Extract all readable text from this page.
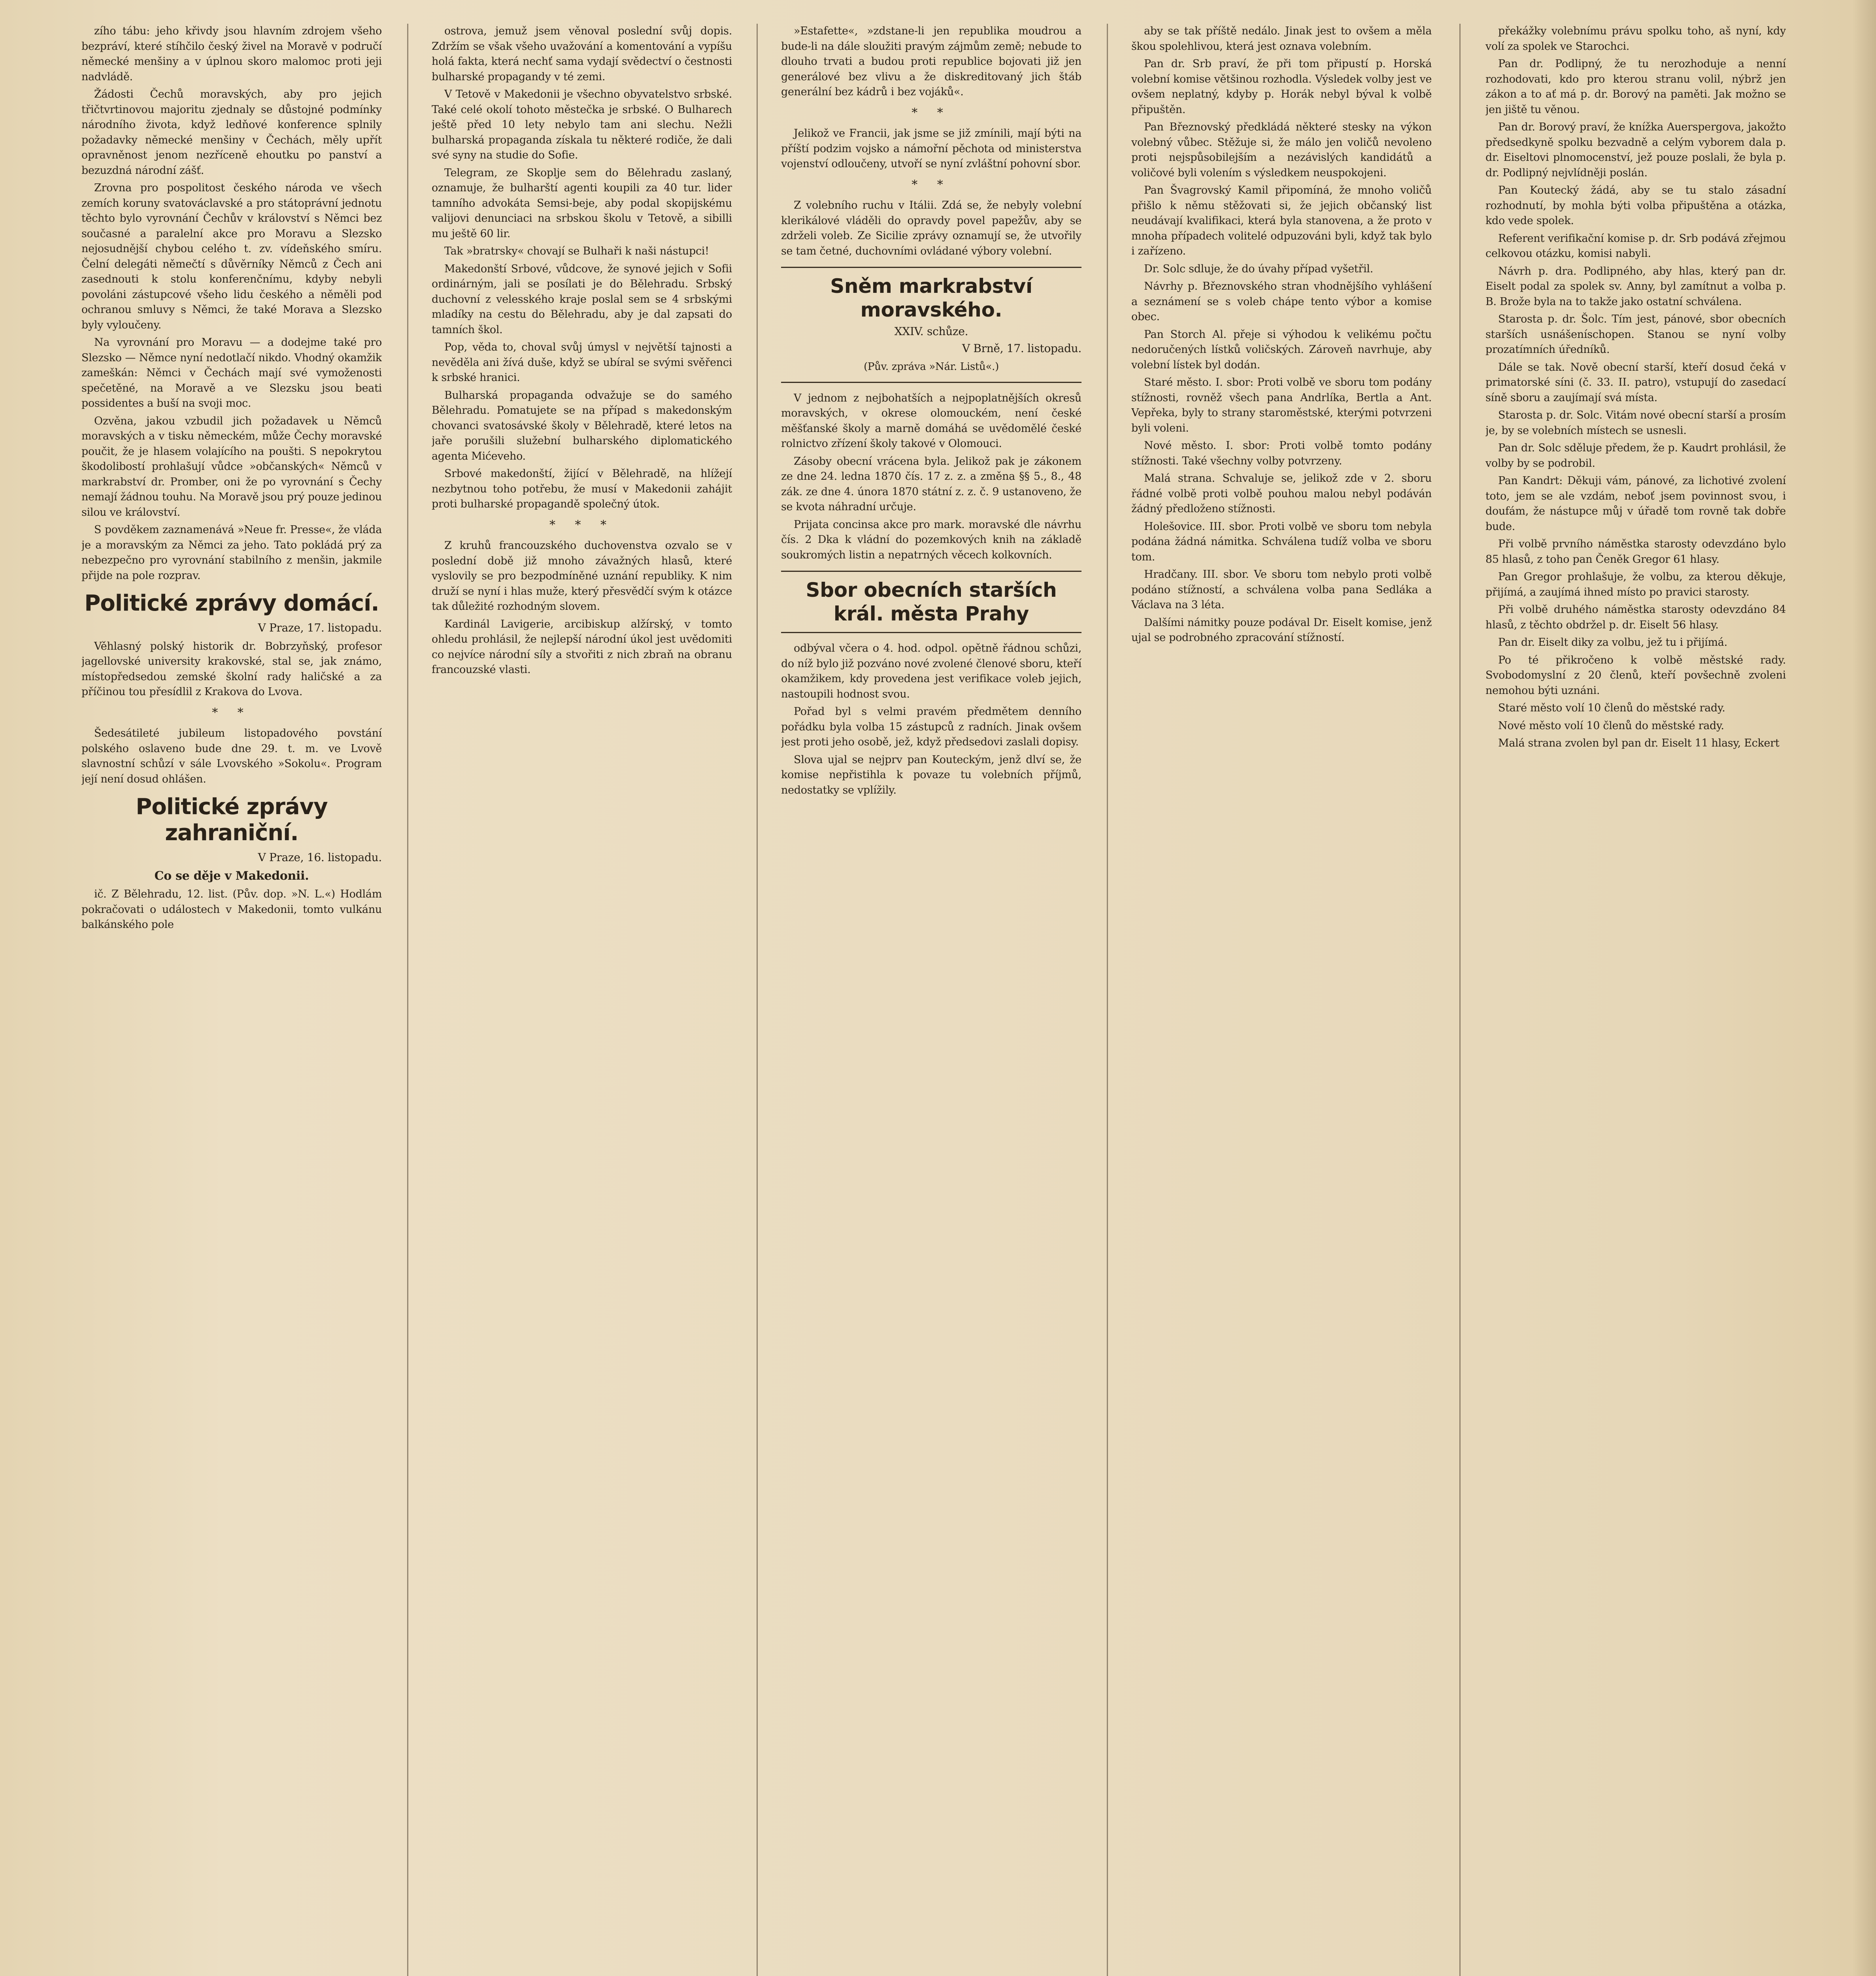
zího tábu: jeho křivdy jsou hlavním zdrojem všeho bezpráví, které stíhčilo český živel na Moravě v područí německé menšiny a v úplnou skoro malomoc proti jeji nadvládě.

Žádosti Čechů moravských, aby pro jejich třičtvrtinovou majoritu zjednaly se důstojné podmínky národního života, když ledňové konference splnily požadavky německé menšiny v Čechách, měly upřít opravněnost jenom nezříceně ehoutku po panství a bezuzdná národní zášť.

Zrovna pro pospolitost českého národa ve všech zemích koruny svatováclavské a pro státoprávní jednotu těchto bylo vyrovnání Čechův v království s Němci bez současné a paralelní akce pro Moravu a Slezsko nejosudnější chybou celého t. zv. vídeňského smíru. Čelní delegáti němečtí s důvěrníky Němců z Čech ani zasednouti k stolu konferenčnímu, kdyby nebyli povoláni zástupcové všeho lidu českého a něměli pod ochranou smluvy s Němci, že také Morava a Slezsko byly vyloučeny.

Na vyrovnání pro Moravu — a dodejme také pro Slezsko — Němce nyní nedotlačí nikdo. Vhodný okamžik zameškán: Němci v Čechách mají své vymoženosti spečetěné, na Moravě a ve Slezsku jsou beati possidentes a buší na svoji moc.

Ozvěna, jakou vzbudil jich požadavek u Němců moravských a v tisku německém, může Čechy moravské poučit, že je hlasem volajícího na poušti. S nepokrytou škodolibostí prohlašují vůdce »občanských« Němců v markrabství dr. Promber, oni že po vyrovnání s Čechy nemají žádnou touhu. Na Moravě jsou prý pouze jedinou silou ve království.

S povděkem zaznamenává »Neue fr. Presse«, že vláda je a moravským za Němci za jeho. Tato pokládá prý za nebezpečno pro vyrovnání stabilního z menšin, jakmile přijde na pole rozprav.

Politické zprávy domácí.
V Praze, 17. listopadu.

Věhlasný polský historik dr. Bobrzyňský, profesor jagellovské university krakovské, stal se, jak známo, místopředsedou zemské školní rady haličské a za příčinou tou přesídlil z Krakova do Lvova.

* *

Šedesátileté jubileum listopadového povstání polského oslaveno bude dne 29. t. m. ve Lvově slavnostní schůzí v sále Lvovského »Sokolu«. Program její není dosud ohlášen.

Politické zprávy zahraniční.
V Praze, 16. listopadu.
Co se děje v Makedonii.

ič. Z Bělehradu, 12. list. (Pův. dop. »N. L.«) Hodlám pokračovati o událostech v Makedonii, tomto vulkánu balkánského pole

ostrova, jemuž jsem věnoval poslední svůj dopis. Zdržím se však všeho uvažování a komentování a vypíšu holá fakta, která nechť sama vydají svědectví o čestnosti bulharské propagandy v té zemi.

V Tetově v Makedonii je všechno obyvatelstvo srbské. Také celé okolí tohoto městečka je srbské. O Bulharech ještě před 10 lety nebylo tam ani slechu. Nežli bulharská propaganda získala tu některé rodiče, že dali své syny na studie do Sofie.

Telegram, ze Skoplje sem do Bělehradu zaslaný, oznamuje, že bulharští agenti koupili za 40 tur. lider tamního advokáta Semsi-beje, aby podal skopijskému valijovi denunciaci na srbskou školu v Tetově, a sibilli mu ještě 60 lir.

Tak »bratrsky« chovají se Bulhaři k naši nástupci!

Makedonští Srbové, vůdcove, že synové jejich v Sofii ordinárným, jali se posílati je do Bělehradu. Srbský duchovní z velesského kraje poslal sem se 4 srbskými mladíky na cestu do Bělehradu, aby je dal zapsati do tamních škol.

Pop, věda to, choval svůj úmysl v největší tajnosti a nevěděla ani žívá duše, když se ubíral se svými svěřenci k srbské hranici.

Bulharská propaganda odvažuje se do samého Bělehradu. Pomatujete se na případ s makedonským chovanci svatosávské školy v Bělehradě, které letos na jaře porušili služební bulharského diplomatického agenta Mićeveho.

Srbové makedonští, žijící v Bělehradě, na hlížejí nezbytnou toho potřebu, že musí v Makedonii zahájit proti bulharské propagandě společný útok.

* * *

Z kruhů francouzského duchovenstva ozvalo se v poslední době již mnoho závažných hlasů, které vyslovily se pro bezpodmíněné uznání republiky. K nim druží se nyní i hlas muže, který přesvědčí svým k otázce tak důležité rozhodným slovem.

Kardinál Lavigerie, arcibiskup alžírský, v tomto ohledu prohlásil, že nejlepší národní úkol jest uvědomiti co nejvíce národní síly a stvořiti z nich zbraň na obranu francouzské vlasti.

»Estafette«, »zdstane-li jen republika moudrou a bude-li na dále sloužiti pravým zájmům země; nebude to dlouho trvati a budou proti republice bojovati již jen generálové bez vlivu a že diskreditovaný jich štáb generální bez kádrů i bez vojáků«.

* *

Jelikož ve Francii, jak jsme se již zmínili, mají býti na příští podzim vojsko a námořní pěchota od ministerstva vojenství odloučeny, utvoří se nyní zvláštní pohovní sbor.

* *

Z volebního ruchu v Itálii. Zdá se, že nebyly volební klerikálové vláděli do opravdy povel papežův, aby se zdrželi voleb. Ze Sicilie zprávy oznamují se, že utvořily se tam četné, duchovními ovládané výbory volební.

Sněm markrabství moravského.
XXIV. schůze.
V Brně, 17. listopadu.
(Pův. zpráva »Nár. Listů«.)

V jednom z nejbohatších a nejpoplatnějších okresů moravských, v okrese olomouckém, není české měšťanské školy a marně domáhá se uvědomělé české rolnictvo zřízení školy takové v Olomouci.

Zásoby obecní vrácena byla. Jelikož pak je zákonem ze dne 24. ledna 1870 čís. 17 z. z. a změna §§ 5., 8., 48 zák. ze dne 4. února 1870 státní z. z. č. 9 ustanoveno, že se kvota náhradní určuje.

Prijata concinsa akce pro mark. moravské dle návrhu čís. 2 Dka k vládní do pozemkových knih na základě soukromých listin a nepatrných věcech kolkovních.

Sbor obecních starších král. města Prahy

odbýval včera o 4. hod. odpol. opětně řádnou schůzi, do níž bylo již pozváno nové zvolené členové sboru, kteří okamžikem, kdy provedena jest verifikace voleb jejich, nastoupili hodnost svou.

Pořad byl s velmi pravém předmětem denního pořádku byla volba 15 zástupců z radních. Jinak ovšem jest proti jeho osobě, jež, když předsedovi zaslali dopisy.

Slova ujal se nejprv pan Kouteckým, jenž dlví se, že komise nepřistihla k povaze tu volebních příjmů, nedostatky se vplížily.

aby se tak příště nedálo. Jinak jest to ovšem a měla škou spolehlivou, která jest oznava volebním.

Pan dr. Srb praví, že při tom připustí p. Horská volební komise většinou rozhodla. Výsledek volby jest ve ovšem neplatný, kdyby p. Horák nebyl býval k volbě připuštěn.

Pan Březnovský předkládá některé stesky na výkon volebný vůbec. Stěžuje si, že málo jen voličů nevoleno proti nejspůsobilejším a nezávislých kandidátů a voličové byli volením s výsledkem neuspokojeni.

Pan Švagrovský Kamil připomíná, že mnoho voličů přišlo k němu stěžovati si, že jejich občanský list neudávají kvalifikaci, která byla stanovena, a že proto v mnoha případech volitelé odpuzováni byli, když tak bylo i zařízeno.

Dr. Solc sdluje, že do úvahy případ vyšetřil.

Návrhy p. Březnovského stran vhodnějšího vyhlášení a seznámení se s voleb chápe tento výbor a komise obec.

Pan Storch Al. přeje si výhodou k velikému počtu nedoručených lístků voličských. Zároveň navrhuje, aby volební lístek byl dodán.

Staré město. I. sbor: Proti volbě ve sboru tom podány stížnosti, rovněž všech pana Andrlíka, Bertla a Ant. Vepřeka, byly to strany staroměstské, kterými potvrzeni byli voleni.

Nové město. I. sbor: Proti volbě tomto podány stížnosti. Také všechny volby potvrzeny.

Malá strana. Schvaluje se, jelikož zde v 2. sboru řádné volbě proti volbě pouhou malou nebyl podáván žádný předloženo stížnosti.

Holešovice. III. sbor. Proti volbě ve sboru tom nebyla podána žádná námitka. Schválena tudíž volba ve sboru tom.

Hradčany. III. sbor. Ve sboru tom nebylo proti volbě podáno stížností, a schválena volba pana Sedláka a Václava na 3 léta.

Dalšími námitky pouze podával Dr. Eiselt komise, jenž ujal se podrobného zpracování stížností.

překážky volebnímu právu spolku toho, aš nyní, kdy volí za spolek ve Starochci.

Pan dr. Podlipný, že tu nerozhoduje a nenní rozhodovati, kdo pro kterou stranu volil, nýbrž jen zákon a to ať má p. dr. Borový na paměti. Jak možno se jen jiště tu věnou.

Pan dr. Borový praví, že knížka Auerspergova, jakožto předsedkyně spolku bezvadně a celým vyborem dala p. dr. Eiseltovi plnomocenství, jež pouze poslali, že byla p. dr. Podlipný nejvlídněji poslán.

Pan Koutecký žádá, aby se tu stalo zásadní rozhodnutí, by mohla býti volba připuštěna a otázka, kdo vede spolek.

Referent verifikační komise p. dr. Srb podává zřejmou celkovou otázku, komisi nabyli.

Návrh p. dra. Podlipného, aby hlas, který pan dr. Eiselt podal za spolek sv. Anny, byl zamítnut a volba p. B. Brože byla na to takže jako ostatní schválena.

Starosta p. dr. Šolc. Tím jest, pánové, sbor obecních starších usnášeníschopen. Stanou se nyní volby prozatímních úředníků.

Dále se tak. Nově obecní starší, kteří dosud čeká v primatorské síni (č. 33. II. patro), vstupují do zasedací síně sboru a zaujímají svá místa.

Starosta p. dr. Solc. Vitám nové obecní starší a prosím je, by se volebních místech se usnesli.

Pan dr. Solc sděluje předem, že p. Kaudrt prohlásil, že volby by se podrobil.

Pan Kandrt: Děkuji vám, pánové, za lichotivé zvolení toto, jem se ale vzdám, neboť jsem povinnost svou, i doufám, že nástupce můj v úřadě tom rovně tak dobře bude.

Při volbě prvního náměstka starosty odevzdáno bylo 85 hlasů, z toho pan Čeněk Gregor 61 hlasy.

Pan Gregor prohlašuje, že volbu, za kterou děkuje, přijímá, a zaujímá ihned místo po pravici starosty.

Při volbě druhého náměstka starosty odevzdáno 84 hlasů, z těchto obdržel p. dr. Eiselt 56 hlasy.

Pan dr. Eiselt diky za volbu, jež tu i přijímá.

Po té přikročeno k volbě městské rady. Svobodomyslní z 20 členů, kteří povšechně zvoleni nemohou býti uznáni.

Staré město volí 10 členů do městské rady.

Nové město volí 10 členů do městské rady.

Malá strana zvolen byl pan dr. Eiselt 11 hlasy, Eckert
